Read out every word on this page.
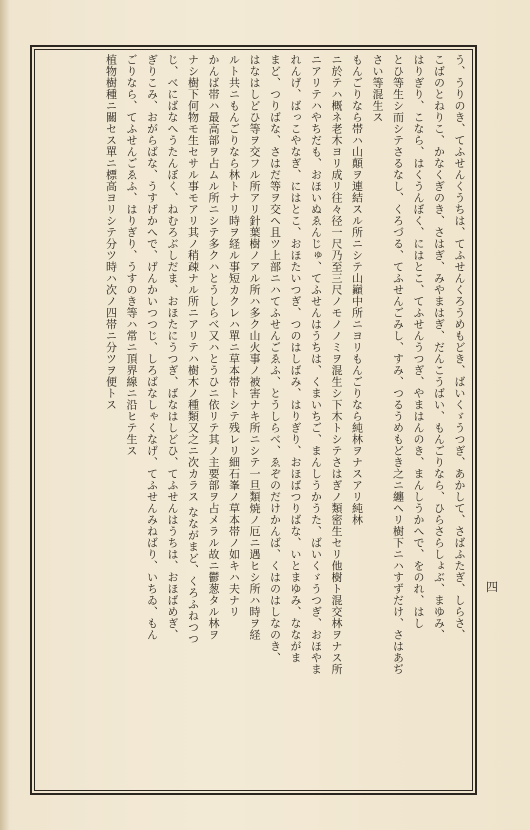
四
う、うりのき、てふせんくうちは、てふせんくろうめもどき、ばいくゞうつぎ、あかして、さばふたぎ、しらさ、
こばのとねりこ、かなくぎのき、さはぎ、みやまはぎ、だんこうばい、もんごりなら、ひらさらしょぶ、まゆみ、
はりぎり、こなら、はくうんぼく、にはとこ、てふせんうつぎ、やまはんのき、まんしうかへで、をのれ、はし
とひ等生シ而シテさるなし、くろづる、てふせんごみし、すみ、つるうめもどき之ニ纏ヘリ樹下ニハすずだけ、さはあぢ
さい等混生ス
もんごりなら帯ハ山顛ヲ連結スル所ニシテ山巓中所ニヨリもんごりなら純林ヲナスアリ純林
ニ於テハ概ネ老木ヨリ成リ往々径一尺乃至三尺ノモノノミヲ混生シ下木トシテさはぎノ類密生セリ他樹ト混交林ヲナス所
ニアリテハやちだも、おほいぬゑんじゅ、てふせんはうちは、くまいちご、まんしうかうた、ばいくゞうつぎ、おほやま
れんげ、ばっこやなぎ、にはとこ、おほたいつぎ、つのはしばみ、はりぎり、おほばつりばな、いとまゆみ、なながま
まど、つりばな、さはだ等ヲ交ヘ且ツ上部ニハてふせんごゑふ、とうしらべ、ゑぞのだけかんば、くはのはしなのき、
はなはしどひ等ヲ交フル所アリ針葉樹ノアル所ハ多ク山火事ノ被害ナキ所ニシテ一旦類焼ノ厄ニ遇ヒシ所ハ時ヲ経
ルト共ニもんごりなら林トナリ時ヲ経ル事短カクレハ單ニ草本帯トシテ残レリ細石峯ノ草本帯ノ如キハ夫ナリ
かんば帯ハ最高部ヲ占ムル所ニシテ多クハとうしらべ又ハとうひニ依リテ其ノ主要部ヲ占メラル故ニ鬱葱タル林ヲ
ナシ樹下何物モ生セサル事モアリ其ノ稍疎ナル所ニアリテハ樹木ノ種類又之ニ次カラス なながまど、くろふねつつ
じ、べにばなへうたんぼく、ねむろぶしだま、おほたにうつぎ、ばなはしどひ、てふせんはうちは、おほばめぎ、
ぎりこみ、おがらばな、うすげかへで、げんかいつつじ、しろばなしゃくなげ、てふせんみねばり、いちゐ、もん
ごりなら、てふせんごゑふ、はりぎり、うすのき等ハ常ニ頂界線ニ沿ヒテ生ス
植物樹種ニ關セス單ニ標高ヨリシテ分ツ時ハ次ノ四帯ニ分ツヲ便トス
